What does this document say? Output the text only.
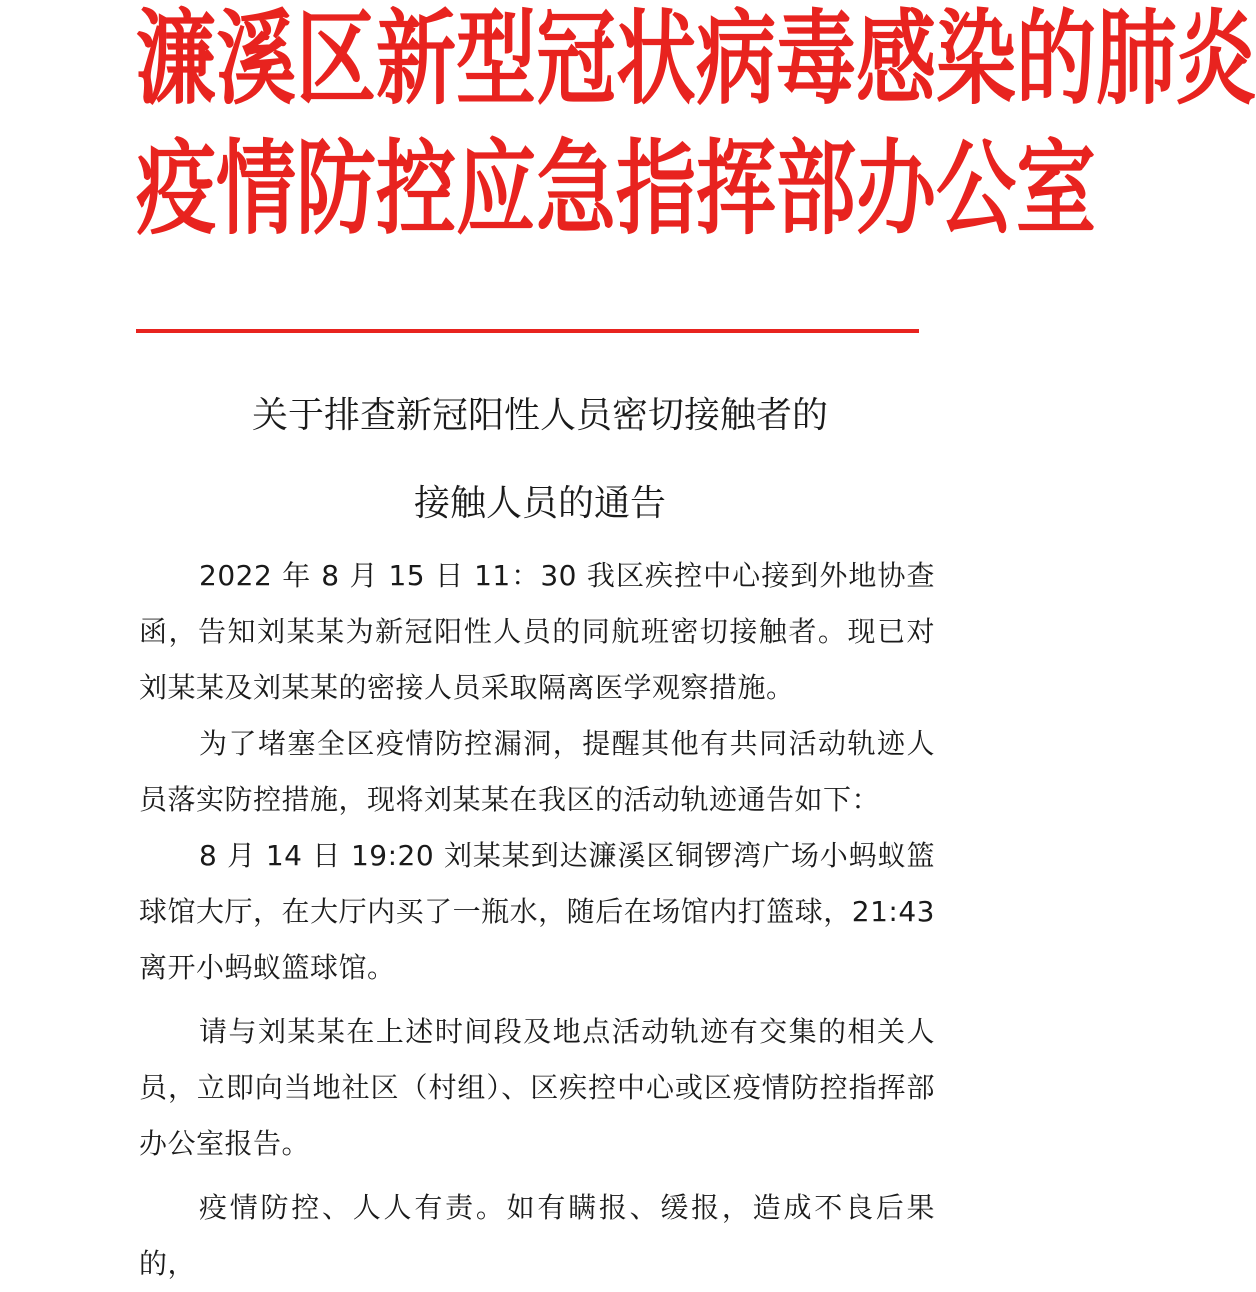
濂溪区新型冠状病毒感染的肺炎
疫情防控应急指挥部办公室
关于排查新冠阳性人员密切接触者的
接触人员的通告

2022 年 8 月 15 日 11：30 我区疾控中心接到外地协查函，告知刘某某为新冠阳性人员的同航班密切接触者。现已对刘某某及刘某某的密接人员采取隔离医学观察措施。

为了堵塞全区疫情防控漏洞，提醒其他有共同活动轨迹人员落实防控措施，现将刘某某在我区的活动轨迹通告如下：

8 月 14 日 19:20 刘某某到达濂溪区铜锣湾广场小蚂蚁篮球馆大厅，在大厅内买了一瓶水，随后在场馆内打篮球，21:43 离开小蚂蚁篮球馆。

请与刘某某在上述时间段及地点活动轨迹有交集的相关人员，立即向当地社区（村组）、区疾控中心或区疫情防控指挥部办公室报告。

疫情防控、人人有责。如有瞒报、缓报，造成不良后果的，
